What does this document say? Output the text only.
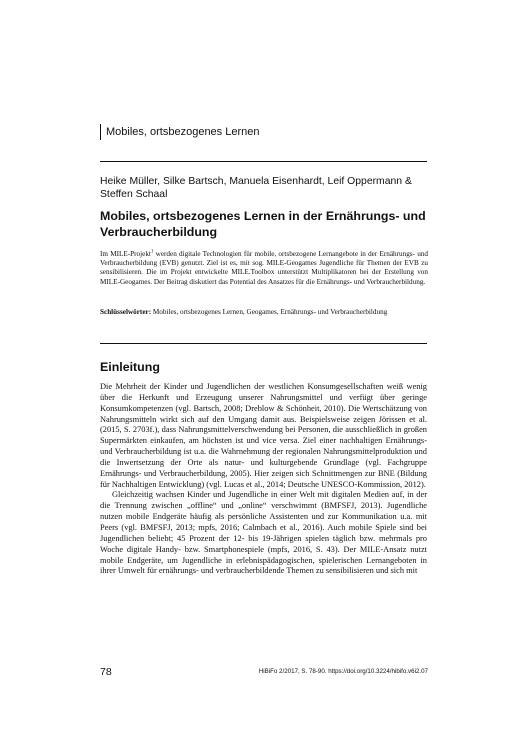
Mobiles, ortsbezogenes Lernen
Heike Müller, Silke Bartsch, Manuela Eisenhardt, Leif Oppermann & Steffen Schaal
Mobiles, ortsbezogenes Lernen in der Ernährungs- und Verbraucherbildung
Im MILE-Projekt$^1$ werden digitale Technologien für mobile, ortsbezogene Lernangebote in der Ernährungs- und Verbraucherbildung (EVB) genutzt. Ziel ist es, mit sog. MILE-Geogames Jugendliche für Themen der EVB zu sensibilisieren. Die im Projekt entwickelte MILE.Toolbox unterstützt Multiplikatoren bei der Erstellung von MILE-Geogames. Der Beitrag diskutiert das Potential des Ansatzes für die Ernährungs- und Verbraucherbildung.
Schlüsselwörter: Mobiles, ortsbezogenes Lernen, Geogames, Ernährungs- und Verbraucherbildung
Einleitung

Die Mehrheit der Kinder und Jugendlichen der westlichen Konsumgesellschaften weiß wenig über die Herkunft und Erzeugung unserer Nahrungsmittel und verfügt über geringe Konsumkompetenzen (vgl. Bartsch, 2008; Dreblow & Schönheit, 2010). Die Wertschätzung von Nahrungsmitteln wirkt sich auf den Umgang damit aus. Beispielsweise zeigen Jörissen et al. (2015, S. 2703f.), dass Nahrungsmittelverschwendung bei Personen, die ausschließlich in großen Supermärkten einkaufen, am höchsten ist und vice versa. Ziel einer nachhaltigen Ernährungs- und Verbraucherbildung ist u.a. die Wahrnehmung der regionalen Nahrungsmittelproduktion und die Inwertsetzung der Orte als natur- und kulturgebende Grundlage (vgl. Fachgruppe Ernährungs- und Verbraucherbildung, 2005). Hier zeigen sich Schnittmengen zur BNE (Bildung für Nachhaltigen Entwicklung) (vgl. Lucas et al., 2014; Deutsche UNESCO-Kommission, 2012).

Gleichzeitig wachsen Kinder und Jugendliche in einer Welt mit digitalen Medien auf, in der die Trennung zwischen „offline“ und „online“ verschwimmt (BMFSFJ, 2013). Jugendliche nutzen mobile Endgeräte häufig als persönliche Assistenten und zur Kommunikation u.a. mit Peers (vgl. BMFSFJ, 2013; mpfs, 2016; Calmbach et al., 2016). Auch mobile Spiele sind bei Jugendlichen beliebt; 45 Prozent der 12- bis 19-Jährigen spielen täglich bzw. mehrmals pro Woche digitale Handy- bzw. Smartphonespiele (mpfs, 2016, S. 43). Der MILE-Ansatz nutzt mobile Endgeräte, um Jugendliche in erlebnispädagogischen, spielerischen Lernangeboten in ihrer Umwelt für ernährungs- und verbraucherbildende Themen zu sensibilisieren und sich mit

78	HiBiFo 2/2017, S. 78-90. https://doi.org/10.3224/hibifo.v6i2.07
